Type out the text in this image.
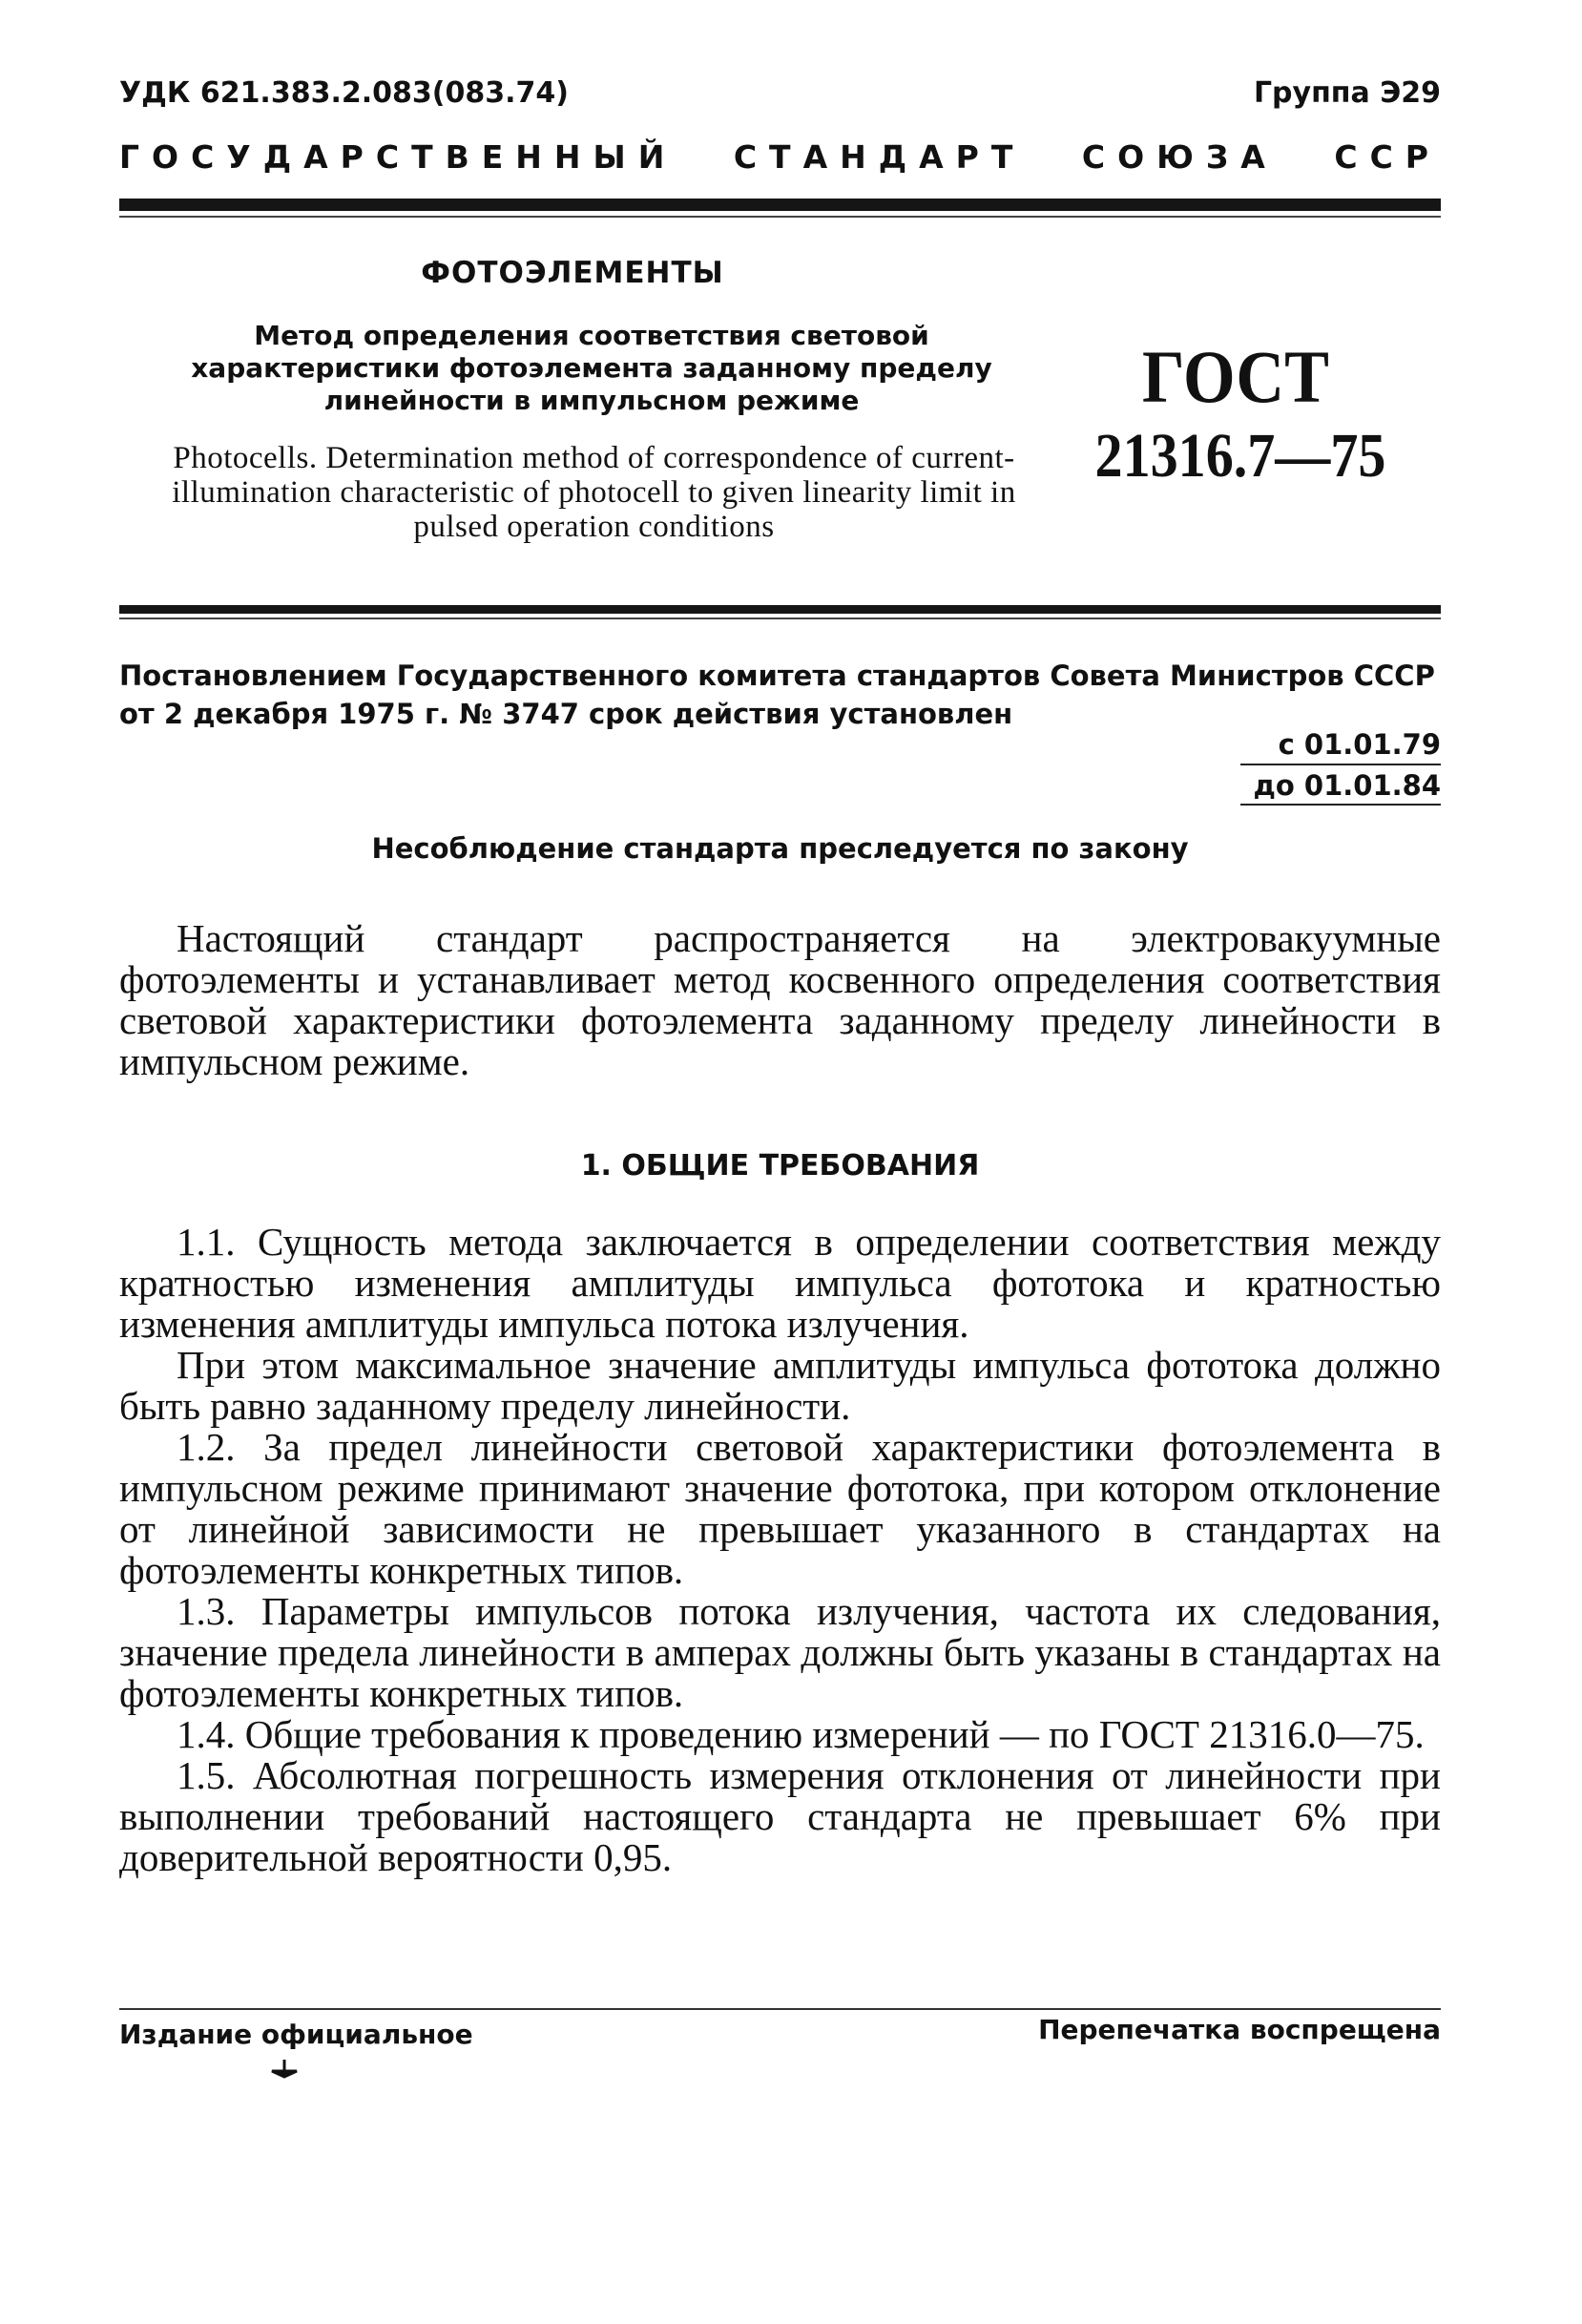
УДК 621.383.2.083(083.74)	Группа Э29
ГОСУДАРСТВЕННЫЙ СТАНДАРТ СОЮЗА ССР
ФОТОЭЛЕМЕНТЫ
Метод определения соответствия световой характеристики фотоэлемента заданному пределу линейности в импульсном режиме
Photocells. Determination method of correspondence of current-illumination characteristic of photocell to given linearity limit in pulsed operation conditions
ГОСТ
21316.7—75
Постановлением Государственного комитета стандартов Совета Министров СССР
от 2 декабря 1975 г. № 3747 срок действия установлен
с 01.01.79
до 01.01.84
Несоблюдение стандарта преследуется по закону
Настоящий стандарт распространяется на электровакуумные фотоэлементы и устанавливает метод косвенного определения соответствия световой характеристики фотоэлемента заданному пределу линейности в импульсном режиме.
1. ОБЩИЕ ТРЕБОВАНИЯ

1.1. Сущность метода заключается в определении соответствия между кратностью изменения амплитуды импульса фототока и кратностью изменения амплитуды импульса потока излучения.

При этом максимальное значение амплитуды импульса фототока должно быть равно заданному пределу линейности.

1.2. За предел линейности световой характеристики фотоэлемента в импульсном режиме принимают значение фототока, при котором отклонение от линейной зависимости не превышает указанного в стандартах на фотоэлементы конкретных типов.

1.3. Параметры импульсов потока излучения, частота их следования, значение предела линейности в амперах должны быть указаны в стандартах на фотоэлементы конкретных типов.

1.4. Общие требования к проведению измерений — по ГОСТ 21316.0—75.

1.5. Абсолютная погрешность измерения отклонения от линейности при выполнении требований настоящего стандарта не превышает 6% при доверительной вероятности 0,95.

Издание официальное	Перепечатка воспрещена
